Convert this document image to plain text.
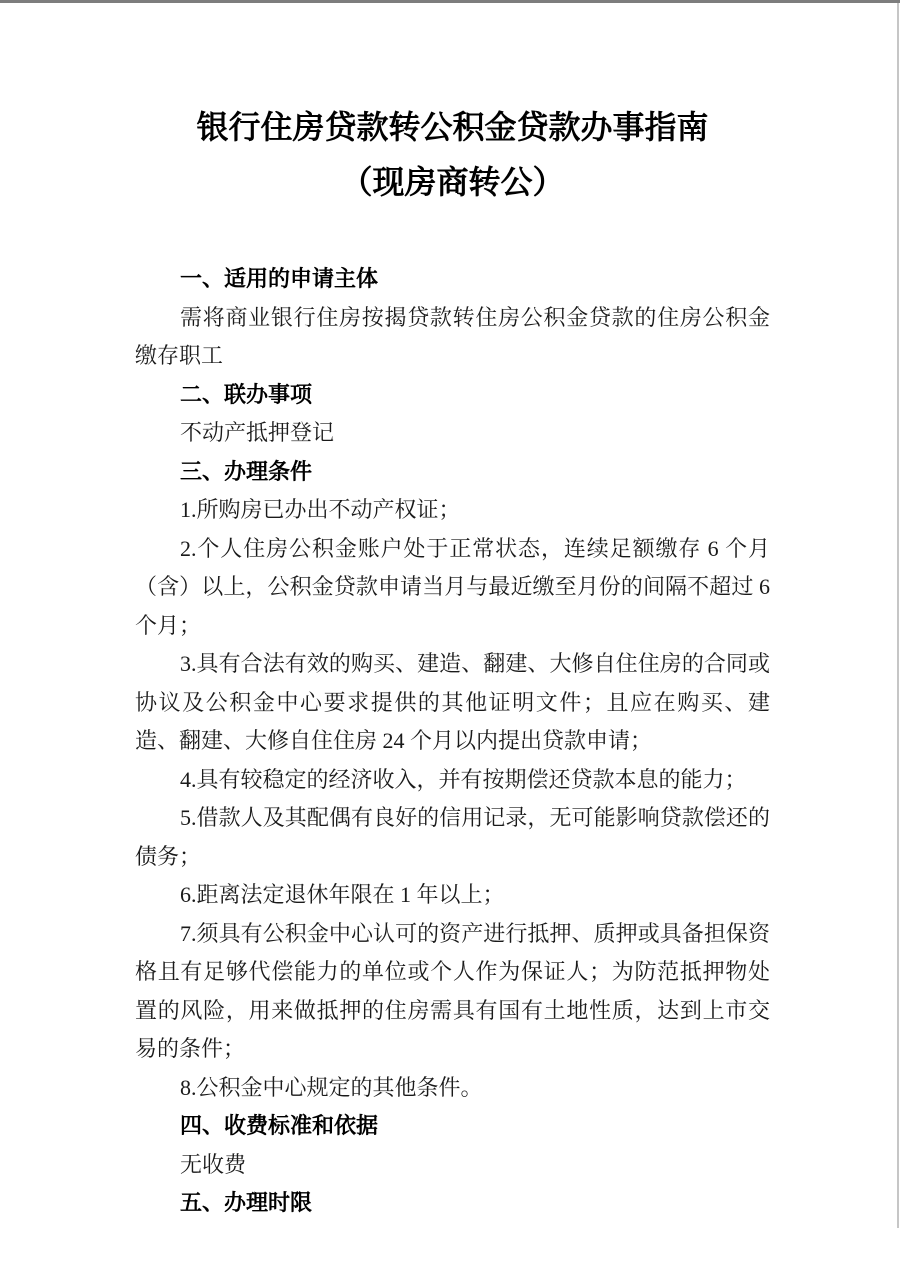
银行住房贷款转公积金贷款办事指南

（现房商转公）

一、适用的申请主体

需将商业银行住房按揭贷款转住房公积金贷款的住房公积金缴存职工

二、联办事项

不动产抵押登记

三、办理条件

1.所购房已办出不动产权证；

2.个人住房公积金账户处于正常状态，连续足额缴存 6 个月（含）以上，公积金贷款申请当月与最近缴至月份的间隔不超过 6 个月；

3.具有合法有效的购买、建造、翻建、大修自住住房的合同或协议及公积金中心要求提供的其他证明文件；且应在购买、建造、翻建、大修自住住房 24 个月以内提出贷款申请；

4.具有较稳定的经济收入，并有按期偿还贷款本息的能力；

5.借款人及其配偶有良好的信用记录，无可能影响贷款偿还的债务；

6.距离法定退休年限在 1 年以上；

7.须具有公积金中心认可的资产进行抵押、质押或具备担保资格且有足够代偿能力的单位或个人作为保证人；为防范抵押物处置的风险，用来做抵押的住房需具有国有土地性质，达到上市交易的条件；

8.公积金中心规定的其他条件。

四、收费标准和依据

无收费

五、办理时限
